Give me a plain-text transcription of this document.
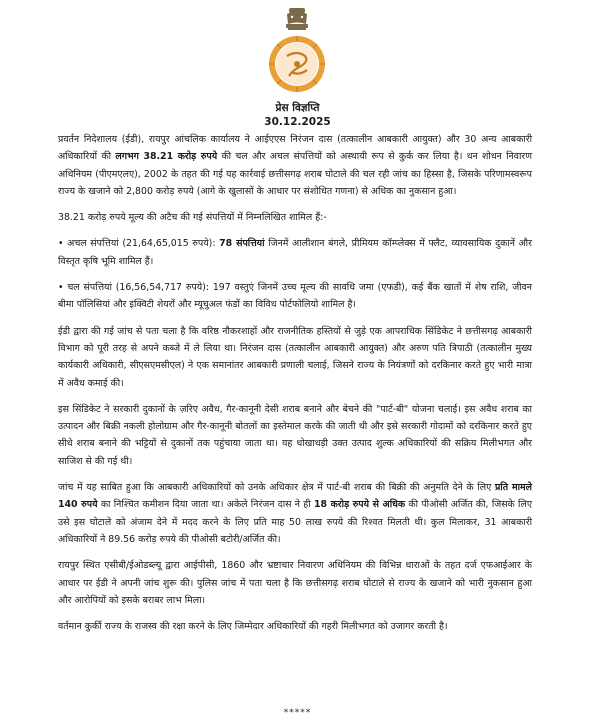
प्रेस विज्ञप्ति
30.12.2025

प्रवर्तन निदेशालय (ईडी), रायपुर आंचलिक कार्यालय ने आईएएस निरंजन दास (तत्कालीन आबकारी आयुक्त) और 30 अन्य आबकारी अधिकारियों की लगभग 38.21 करोड़ रुपये की चल और अचल संपत्तियों को अस्थायी रूप से कुर्क कर लिया है। धन शोधन निवारण अधिनियम (पीएमएलए), 2002 के तहत की गई यह कार्रवाई छत्तीसगढ़ शराब घोटाले की चल रही जांच का हिस्सा है, जिसके परिणामस्वरूप राज्य के खजाने को 2,800 करोड़ रुपये (आगे के खुलासों के आधार पर संशोधित गणना) से अधिक का नुकसान हुआ।

38.21 करोड़ रुपये मूल्य की अटैच की गई संपत्तियों में निम्नलिखित शामिल हैं:-

• अचल संपत्तियां (21,64,65,015 रुपये): 78 संपत्तियां जिनमें आलीशान बंगले, प्रीमियम कॉम्प्लेक्स में फ्लैट, व्यावसायिक दुकानें और विस्तृत कृषि भूमि शामिल हैं।

• चल संपत्तियां (16,56,54,717 रुपये): 197 वस्तुएं जिनमें उच्च मूल्य की सावधि जमा (एफडी), कई बैंक खातों में शेष राशि, जीवन बीमा पॉलिसियां और इक्विटी शेयरों और म्यूचुअल फंडों का विविध पोर्टफोलियो शामिल है।

ईडी द्वारा की गई जांच से पता चला है कि वरिष्ठ नौकरशाहों और राजनीतिक हस्तियों से जुड़े एक आपराधिक सिंडिकेट ने छत्तीसगढ़ आबकारी विभाग को पूरी तरह से अपने कब्जे में ले लिया था। निरंजन दास (तत्कालीन आबकारी आयुक्त) और अरुण पति त्रिपाठी (तत्कालीन मुख्य कार्यकारी अधिकारी, सीएसएमसीएल) ने एक समानांतर आबकारी प्रणाली चलाई, जिसने राज्य के नियंत्रणों को दरकिनार करते हुए भारी मात्रा में अवैध कमाई की।

इस सिंडिकेट ने सरकारी दुकानों के ज़रिए अवैध, गैर-कानूनी देसी शराब बनाने और बेचने की "पार्ट-बी" योजना चलाई। इस अवैध शराब का उत्पादन और बिक्री नकली होलोग्राम और गैर-कानूनी बोतलों का इस्तेमाल करके की जाती थी और इसे सरकारी गोदामों को दरकिनार करते हुए सीधे शराब बनाने की भट्टियों से दुकानों तक पहुंचाया जाता था। यह धोखाधड़ी उक्त उत्पाद शुल्क अधिकारियों की सक्रिय मिलीभगत और साजिश से की गई थी।

जांच में यह साबित हुआ कि आबकारी अधिकारियों को उनके अधिकार क्षेत्र में पार्ट-बी शराब की बिक्री की अनुमति देने के लिए प्रति मामले 140 रुपये का निश्चित कमीशन दिया जाता था। अकेले निरंजन दास ने ही 18 करोड़ रुपये से अधिक की पीओसी अर्जित की, जिसके लिए उसे इस घोटाले को अंजाम देने में मदद करने के लिए प्रति माह 50 लाख रुपये की रिश्वत मिलती थी। कुल मिलाकर, 31 आबकारी अधिकारियों ने 89.56 करोड़ रुपये की पीओसी बटोरी/अर्जित की।

रायपुर स्थित एसीबी/ईओडब्ल्यू द्वारा आईपीसी, 1860 और भ्रष्टाचार निवारण अधिनियम की विभिन्न धाराओं के तहत दर्ज एफआईआर के आधार पर ईडी ने अपनी जांच शुरू की। पुलिस जांच में पता चला है कि छत्तीसगढ़ शराब घोटाले से राज्य के खजाने को भारी नुकसान हुआ और आरोपियों को इसके बराबर लाभ मिला।

वर्तमान कुर्की राज्य के राजस्व की रक्षा करने के लिए जिम्मेदार अधिकारियों की गहरी मिलीभगत को उजागर करती है।

*****
